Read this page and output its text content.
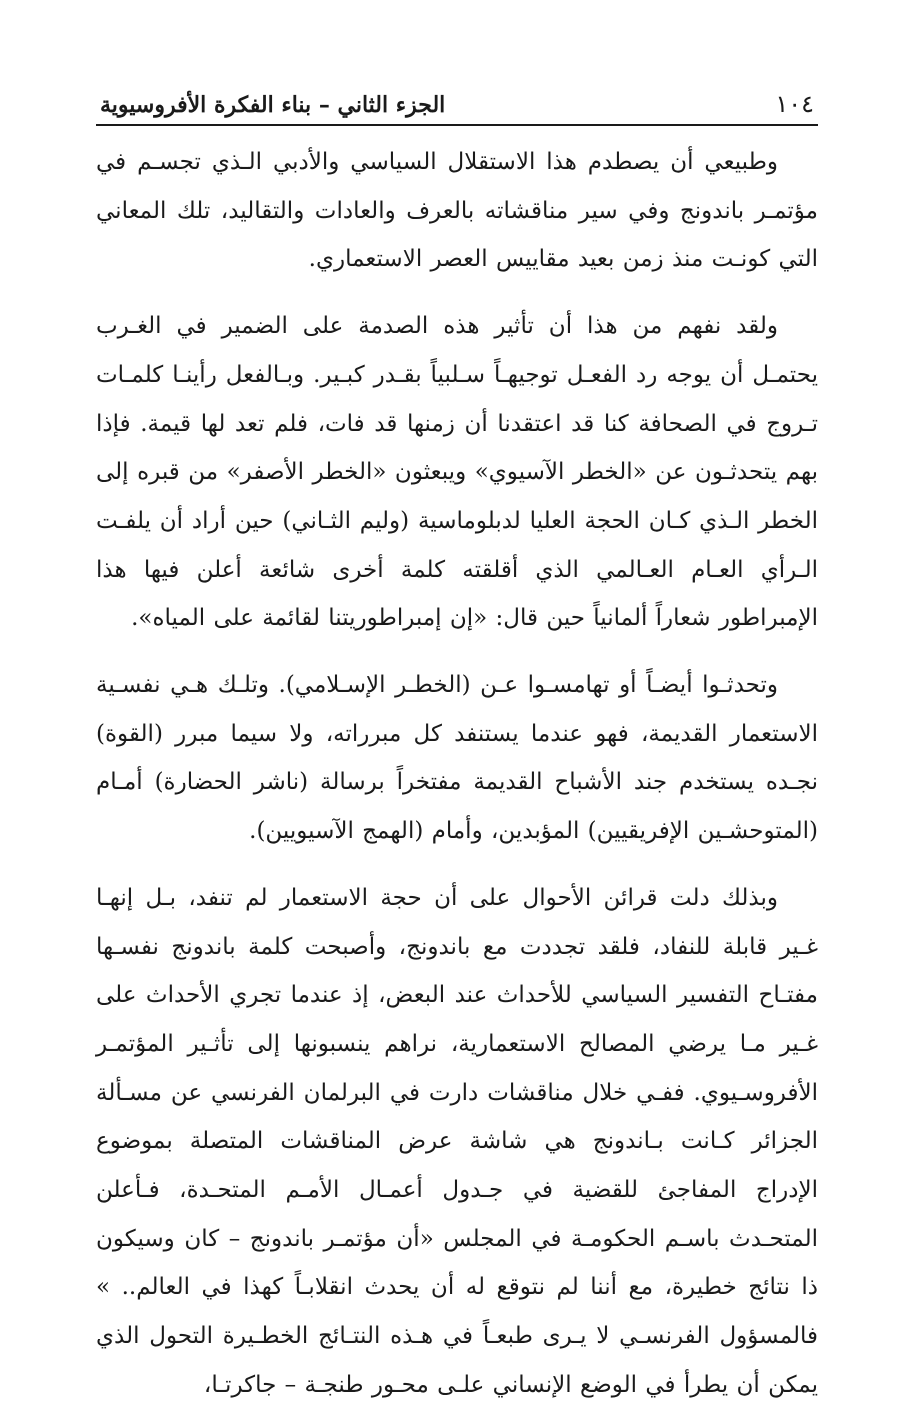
١٠٤
الجزء الثاني – بناء الفكرة الأفروسيوية

وطبيعي أن يصطدم هذا الاستقلال السياسي والأدبي الـذي تجسـم في مؤتمـر باندونج وفي سير مناقشاته بالعرف والعادات والتقاليد، تلك المعاني التي كونـت منذ زمن بعيد مقاييس العصر الاستعماري.

ولقد نفهم من هذا أن تأثير هذه الصدمة على الضمير في الغـرب يحتمـل أن يوجه رد الفعـل توجيهـاً سـلبياً بقـدر كبـير. وبـالفعل رأينـا كلمـات تـروج في الصحافة كنا قد اعتقدنا أن زمنها قد فات، فلم تعد لها قيمة. فإذا بهم يتحدثـون عن «الخطر الآسيوي» ويبعثون «الخطر الأصفر» من قبره إلى الخطر الـذي كـان الحجة العليا لدبلوماسية (وليم الثـاني) حين أراد أن يلفـت الـرأي العـام العـالمي الذي أقلقته كلمة أخرى شائعة أعلن فيها هذا الإمبراطور شعاراً ألمانياً حين قال: «إن إمبراطوريتنا لقائمة على المياه».

وتحدثـوا أيضـاً أو تهامسـوا عـن (الخطـر الإسـلامي). وتلـك هـي نفسـية الاستعمار القديمة، فهو عندما يستنفد كل مبرراته، ولا سيما مبرر (القوة) نجـده يستخدم جند الأشباح القديمة مفتخراً برسالة (ناشر الحضارة) أمـام (المتوحشـين الإفريقيين) المؤبدين، وأمام (الهمج الآسيويين).

وبذلك دلت قرائن الأحوال على أن حجة الاستعمار لم تنفد، بـل إنهـا غـير قابلة للنفاد، فلقد تجددت مع باندونج، وأصبحت كلمة باندونج نفسـها مفتـاح التفسير السياسي للأحداث عند البعض، إذ عندما تجري الأحداث على غـير مـا يرضي المصالح الاستعمارية، نراهم ينسبونها إلى تأثـير المؤتمـر الأفروسـيوي. ففـي خلال مناقشات دارت في البرلمان الفرنسي عن مسـألة الجزائر كـانت بـاندونج هي شاشة عرض المناقشات المتصلة بموضوع الإدراج المفاجئ للقضية في جـدول أعمـال الأمـم المتحـدة، فـأعلن المتحـدث باسـم الحكومـة في المجلس «أن مؤتمـر باندونج – كان وسيكون ذا نتائج خطيرة، مع أننا لم نتوقع له أن يحدث انقلابـاً كهذا في العالم.. » فالمسؤول الفرنسـي لا يـرى طبعـاً في هـذه النتـائج الخطـيرة التحول الذي يمكن أن يطرأ في الوضع الإنساني علـى محـور طنجـة – جاكرتـا،
